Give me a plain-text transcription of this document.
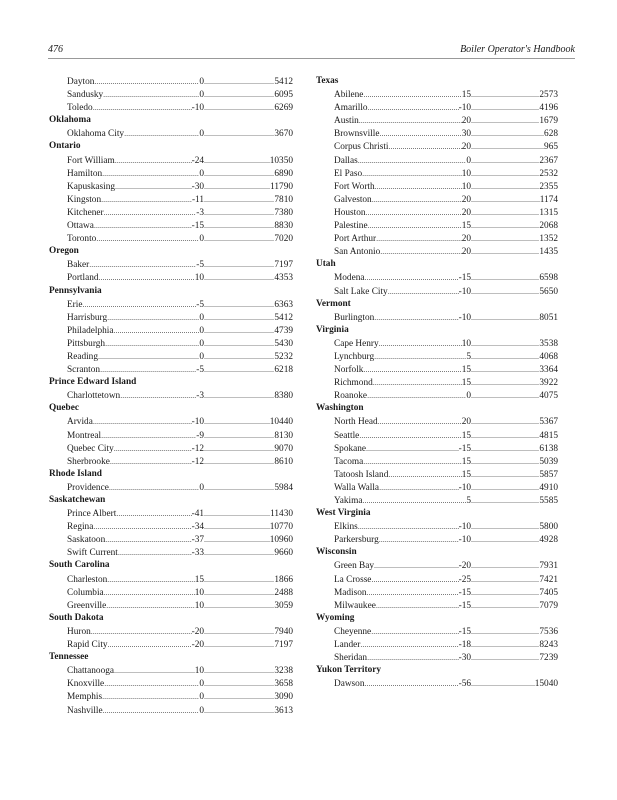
476	Boiler Operator's Handbook
Dayton .....	0 .....	5412
Sandusky .....	0 .....	6095
Toledo .....	-10 .....	6269
Oklahoma
Oklahoma City .....	0 .....	3670
Ontario
Fort William .....	-24 .....	10350
Hamilton .....	0 .....	6890
Kapuskasing .....	-30 .....	11790
Kingston .....	-11 .....	7810
Kitchener .....	-3 .....	7380
Ottawa .....	-15 .....	8830
Toronto .....	0 .....	7020
Oregon
Baker .....	-5 .....	7197
Portland .....	10 .....	4353
Pennsylvania
Erie .....	-5 .....	6363
Harrisburg .....	0 .....	5412
Philadelphia .....	0 .....	4739
Pittsburgh .....	0 .....	5430
Reading .....	0 .....	5232
Scranton .....	-5 .....	6218
Prince Edward Island
Charlottetown .....	-3 .....	8380
Quebec
Arvida .....	-10 .....	10440
Montreal .....	-9 .....	8130
Quebec City .....	-12 .....	9070
Sherbrooke .....	-12 .....	8610
Rhode Island
Providence .....	0 .....	5984
Saskatchewan
Prince Albert .....	-41 .....	11430
Regina .....	-34 .....	10770
Saskatoon .....	-37 .....	10960
Swift Current .....	-33 .....	9660
South Carolina
Charleston .....	15 .....	1866
Columbia .....	10 .....	2488
Greenville .....	10 .....	3059
South Dakota
Huron .....	-20 .....	7940
Rapid City .....	-20 .....	7197
Tennessee
Chattanooga .....	10 .....	3238
Knoxville .....	0 .....	3658
Memphis .....	0 .....	3090
Nashville .....	0 .....	3613
Texas
Abilene .....	15 .....	2573
Amarillo .....	-10 .....	4196
Austin .....	20 .....	1679
Brownsville .....	30 .....	628
Corpus Christi .....	20 .....	965
Dallas .....	0 .....	2367
El Paso .....	10 .....	2532
Fort Worth .....	10 .....	2355
Galveston .....	20 .....	1174
Houston .....	20 .....	1315
Palestine .....	15 .....	2068
Port Arthur .....	20 .....	1352
San Antonio .....	20 .....	1435
Utah
Modena .....	-15 .....	6598
Salt Lake City .....	-10 .....	5650
Vermont
Burlington .....	-10 .....	8051
Virginia
Cape Henry .....	10 .....	3538
Lynchburg .....	5 .....	4068
Norfolk .....	15 .....	3364
Richmond .....	15 .....	3922
Roanoke .....	0 .....	4075
Washington
North Head .....	20 .....	5367
Seattle .....	15 .....	4815
Spokane .....	-15 .....	6138
Tacoma .....	15 .....	5039
Tatoosh Island .....	15 .....	5857
Walla Walla .....	-10 .....	4910
Yakima .....	5 .....	5585
West Virginia
Elkins .....	-10 .....	5800
Parkersburg .....	-10 .....	4928
Wisconsin
Green Bay .....	-20 .....	7931
La Crosse .....	-25 .....	7421
Madison .....	-15 .....	7405
Milwaukee .....	-15 .....	7079
Wyoming
Cheyenne .....	-15 .....	7536
Lander .....	-18 .....	8243
Sheridan .....	-30 .....	7239
Yukon Territory
Dawson .....	-56 .....	15040
